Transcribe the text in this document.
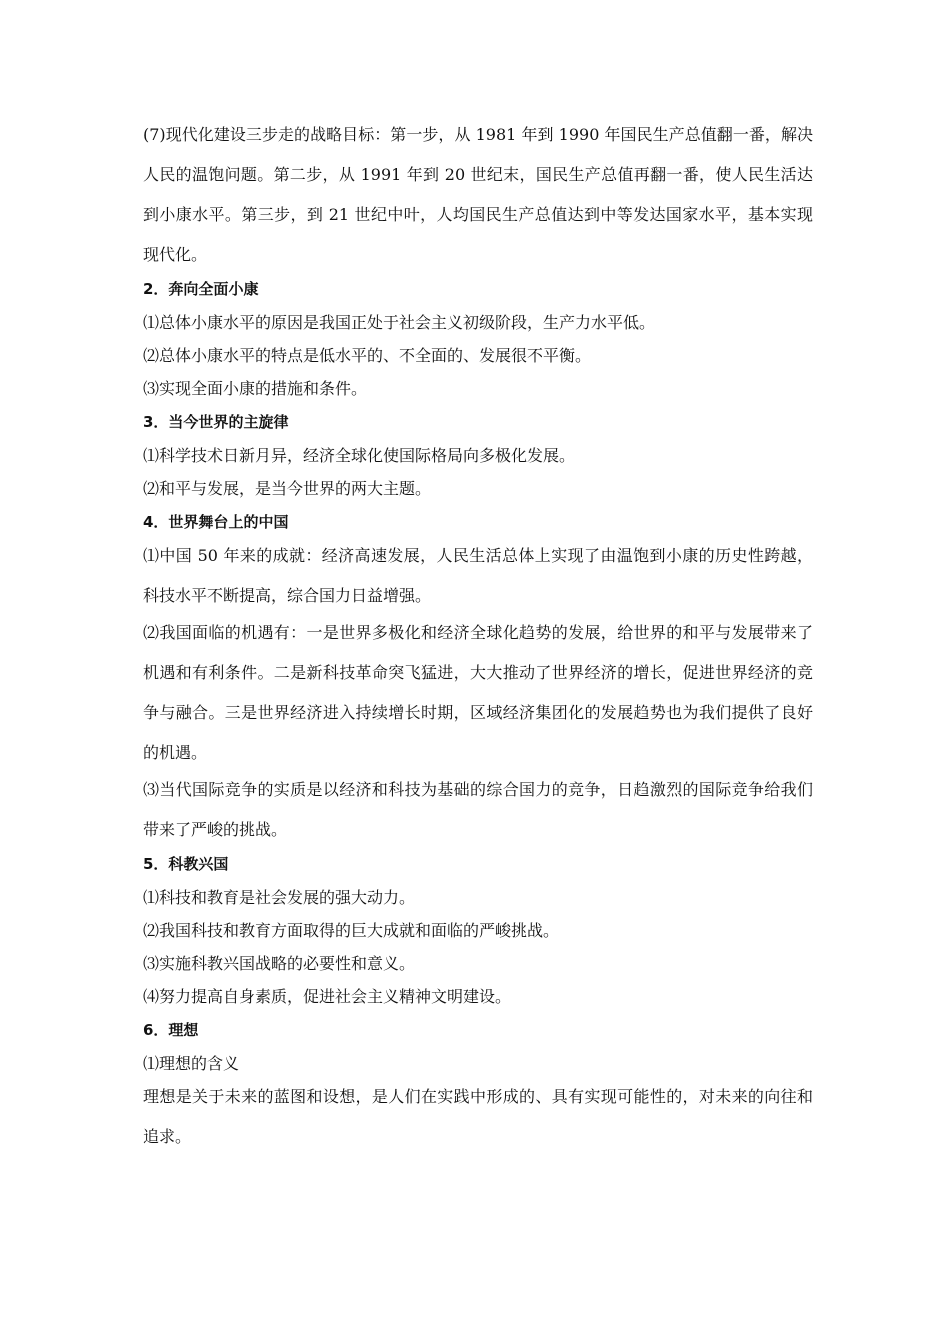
(7)现代化建设三步走的战略目标：第一步，从 1981 年到 1990 年国民生产总值翻一番，解决人民的温饱问题。第二步，从 1991 年到 20 世纪末，国民生产总值再翻一番，使人民生活达到小康水平。第三步，到 21 世纪中叶，人均国民生产总值达到中等发达国家水平，基本实现现代化。

2．奔向全面小康

⑴总体小康水平的原因是我国正处于社会主义初级阶段，生产力水平低。

⑵总体小康水平的特点是低水平的、不全面的、发展很不平衡。

⑶实现全面小康的措施和条件。

3．当今世界的主旋律

⑴科学技术日新月异，经济全球化使国际格局向多极化发展。

⑵和平与发展，是当今世界的两大主题。

4．世界舞台上的中国

⑴中国 50 年来的成就：经济高速发展，人民生活总体上实现了由温饱到小康的历史性跨越，科技水平不断提高，综合国力日益增强。

⑵我国面临的机遇有：一是世界多极化和经济全球化趋势的发展，给世界的和平与发展带来了机遇和有利条件。二是新科技革命突飞猛进，大大推动了世界经济的增长，促进世界经济的竞争与融合。三是世界经济进入持续增长时期，区域经济集团化的发展趋势也为我们提供了良好的机遇。

⑶当代国际竞争的实质是以经济和科技为基础的综合国力的竞争，日趋激烈的国际竞争给我们带来了严峻的挑战。

5．科教兴国

⑴科技和教育是社会发展的强大动力。

⑵我国科技和教育方面取得的巨大成就和面临的严峻挑战。

⑶实施科教兴国战略的必要性和意义。

⑷努力提高自身素质，促进社会主义精神文明建设。

6．理想

⑴理想的含义

理想是关于未来的蓝图和设想，是人们在实践中形成的、具有实现可能性的，对未来的向往和追求。
